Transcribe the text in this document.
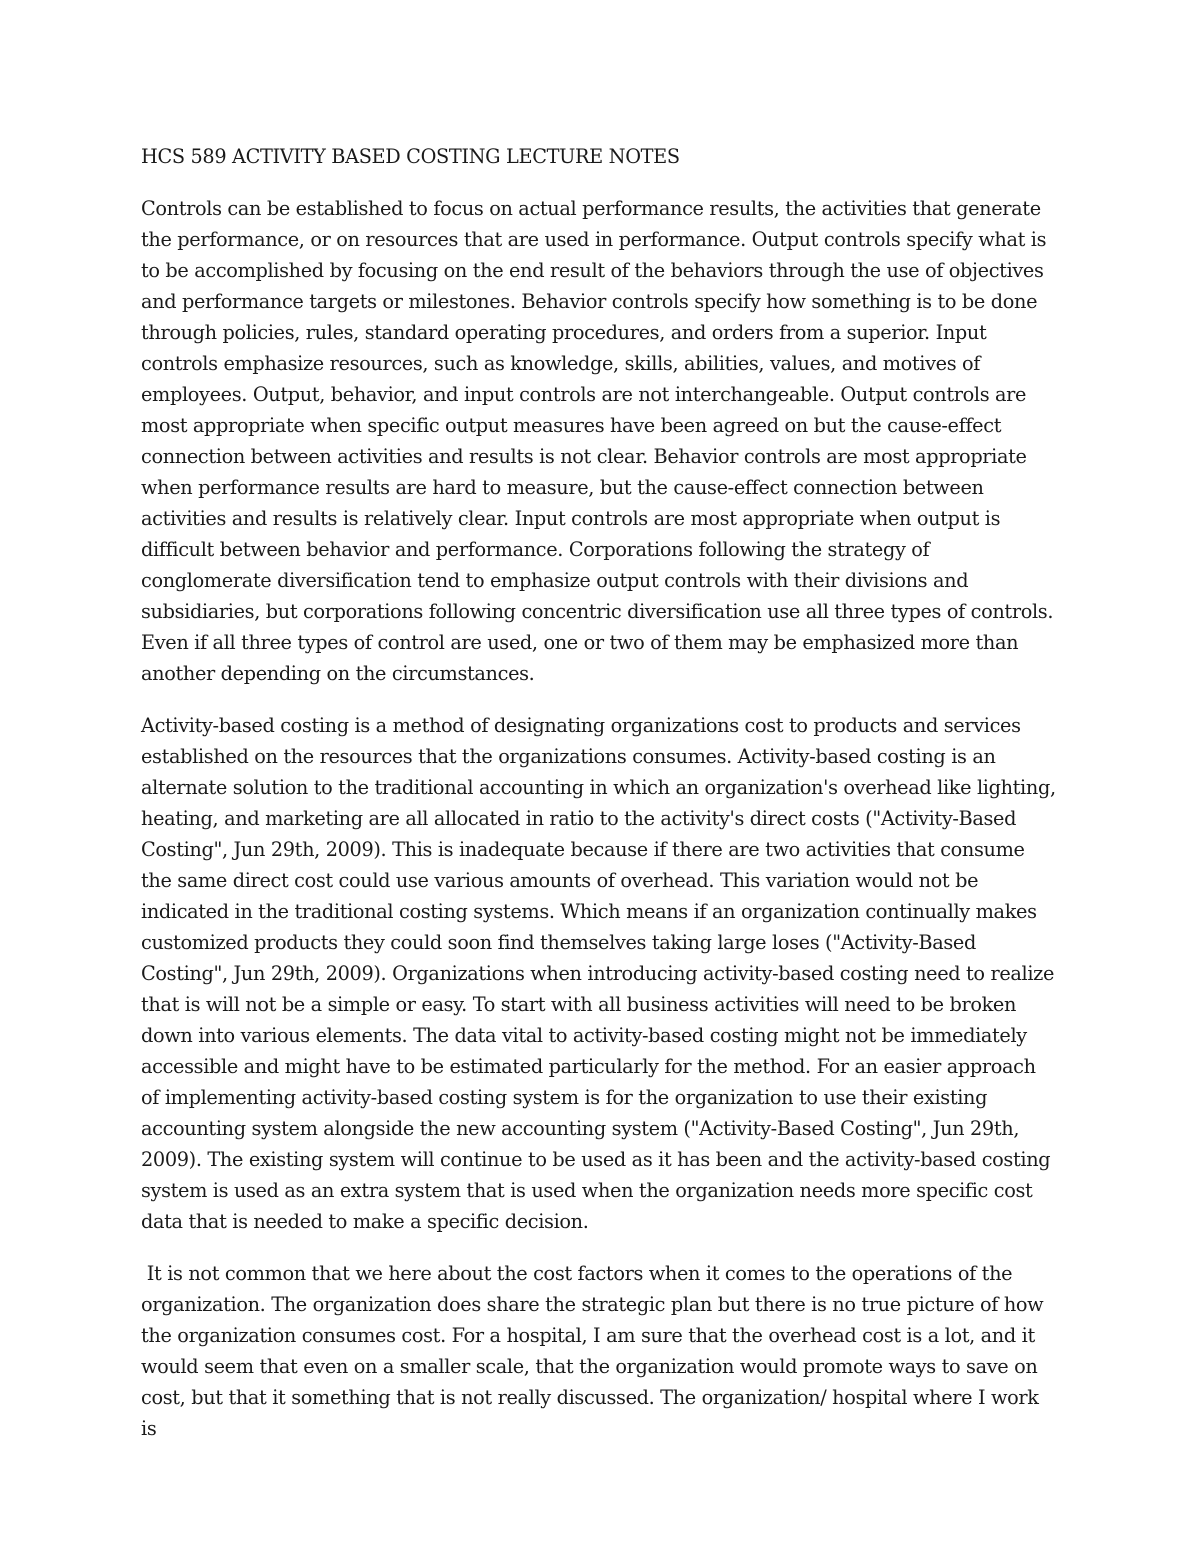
HCS 589 ACTIVITY BASED COSTING LECTURE NOTES

Controls can be established to focus on actual performance results, the activities that generate the performance, or on resources that are used in performance. Output controls specify what is to be accomplished by focusing on the end result of the behaviors through the use of objectives and performance targets or milestones. Behavior controls specify how something is to be done through policies, rules, standard operating procedures, and orders from a superior. Input controls emphasize resources, such as knowledge, skills, abilities, values, and motives of employees. Output, behavior, and input controls are not interchangeable. Output controls are most appropriate when specific output measures have been agreed on but the cause-effect connection between activities and results is not clear. Behavior controls are most appropriate when performance results are hard to measure, but the cause-effect connection between activities and results is relatively clear. Input controls are most appropriate when output is difficult between behavior and performance. Corporations following the strategy of conglomerate diversification tend to emphasize output controls with their divisions and subsidiaries, but corporations following concentric diversification use all three types of controls. Even if all three types of control are used, one or two of them may be emphasized more than another depending on the circumstances.

Activity-based costing is a method of designating organizations cost to products and services established on the resources that the organizations consumes. Activity-based costing is an alternate solution to the traditional accounting in which an organization's overhead like lighting, heating, and marketing are all allocated in ratio to the activity's direct costs ("Activity-Based Costing", Jun 29th, 2009). This is inadequate because if there are two activities that consume the same direct cost could use various amounts of overhead. This variation would not be indicated in the traditional costing systems. Which means if an organization continually makes customized products they could soon find themselves taking large loses ("Activity-Based Costing", Jun 29th, 2009). Organizations when introducing activity-based costing need to realize that is will not be a simple or easy. To start with all business activities will need to be broken down into various elements. The data vital to activity-based costing might not be immediately accessible and might have to be estimated particularly for the method. For an easier approach of implementing activity-based costing system is for the organization to use their existing accounting system alongside the new accounting system ("Activity-Based Costing", Jun 29th, 2009). The existing system will continue to be used as it has been and the activity-based costing system is used as an extra system that is used when the organization needs more specific cost data that is needed to make a specific decision.

It is not common that we here about the cost factors when it comes to the operations of the organization. The organization does share the strategic plan but there is no true picture of how the organization consumes cost. For a hospital, I am sure that the overhead cost is a lot, and it would seem that even on a smaller scale, that the organization would promote ways to save on cost, but that it something that is not really discussed. The organization/ hospital where I work is
